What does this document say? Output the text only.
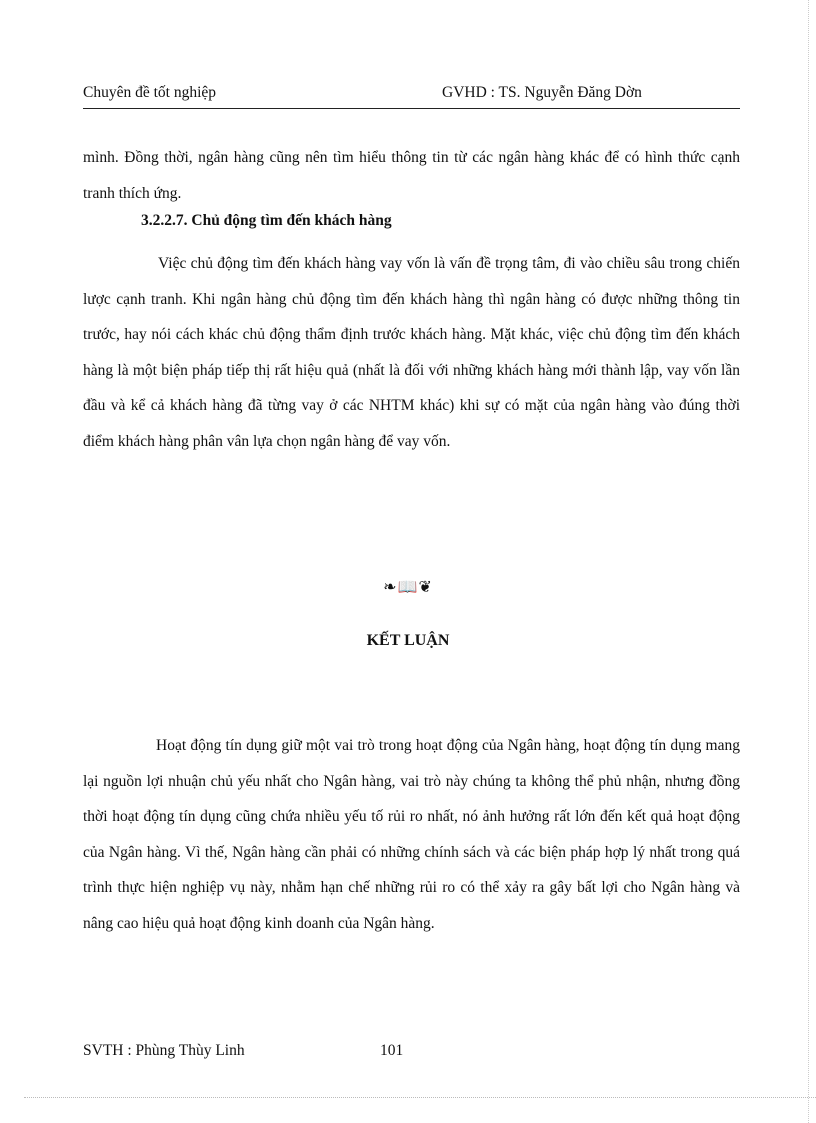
Chuyên đề tốt nghiệp	GVHD : TS. Nguyễn Đăng Dờn

mình. Đồng thời, ngân hàng cũng nên tìm hiểu thông tin từ các ngân hàng khác để có hình thức cạnh tranh thích ứng.

3.2.2.7. Chủ động tìm đến khách hàng

Việc chủ động tìm đến khách hàng vay vốn là vấn đề trọng tâm, đi vào chiều sâu trong chiến lược cạnh tranh. Khi ngân hàng chủ động tìm đến khách hàng thì ngân hàng có được những thông tin trước, hay nói cách khác chủ động thẩm định trước khách hàng. Mặt khác, việc chủ động tìm đến khách hàng là một biện pháp tiếp thị rất hiệu quả (nhất là đối với những khách hàng mới thành lập, vay vốn lần đầu và kể cả khách hàng đã từng vay ở các NHTM khác) khi sự có mặt của ngân hàng vào đúng thời điểm khách hàng phân vân lựa chọn ngân hàng để vay vốn.

❧📖❦

KẾT LUẬN

Hoạt động tín dụng giữ một vai trò trong hoạt động của Ngân hàng, hoạt động tín dụng mang lại nguồn lợi nhuận chủ yếu nhất cho Ngân hàng, vai trò này chúng ta không thể phủ nhận, nhưng đồng thời hoạt động tín dụng cũng chứa nhiều yếu tố rủi ro nhất, nó ảnh hưởng rất lớn đến kết quả hoạt động của Ngân hàng. Vì thế, Ngân hàng cần phải có những chính sách và các biện pháp hợp lý nhất trong quá trình thực hiện nghiệp vụ này, nhằm hạn chế những rủi ro có thể xảy ra gây bất lợi cho Ngân hàng và nâng cao hiệu quả hoạt động kinh doanh của Ngân hàng.

SVTH : Phùng Thùy Linh	101
